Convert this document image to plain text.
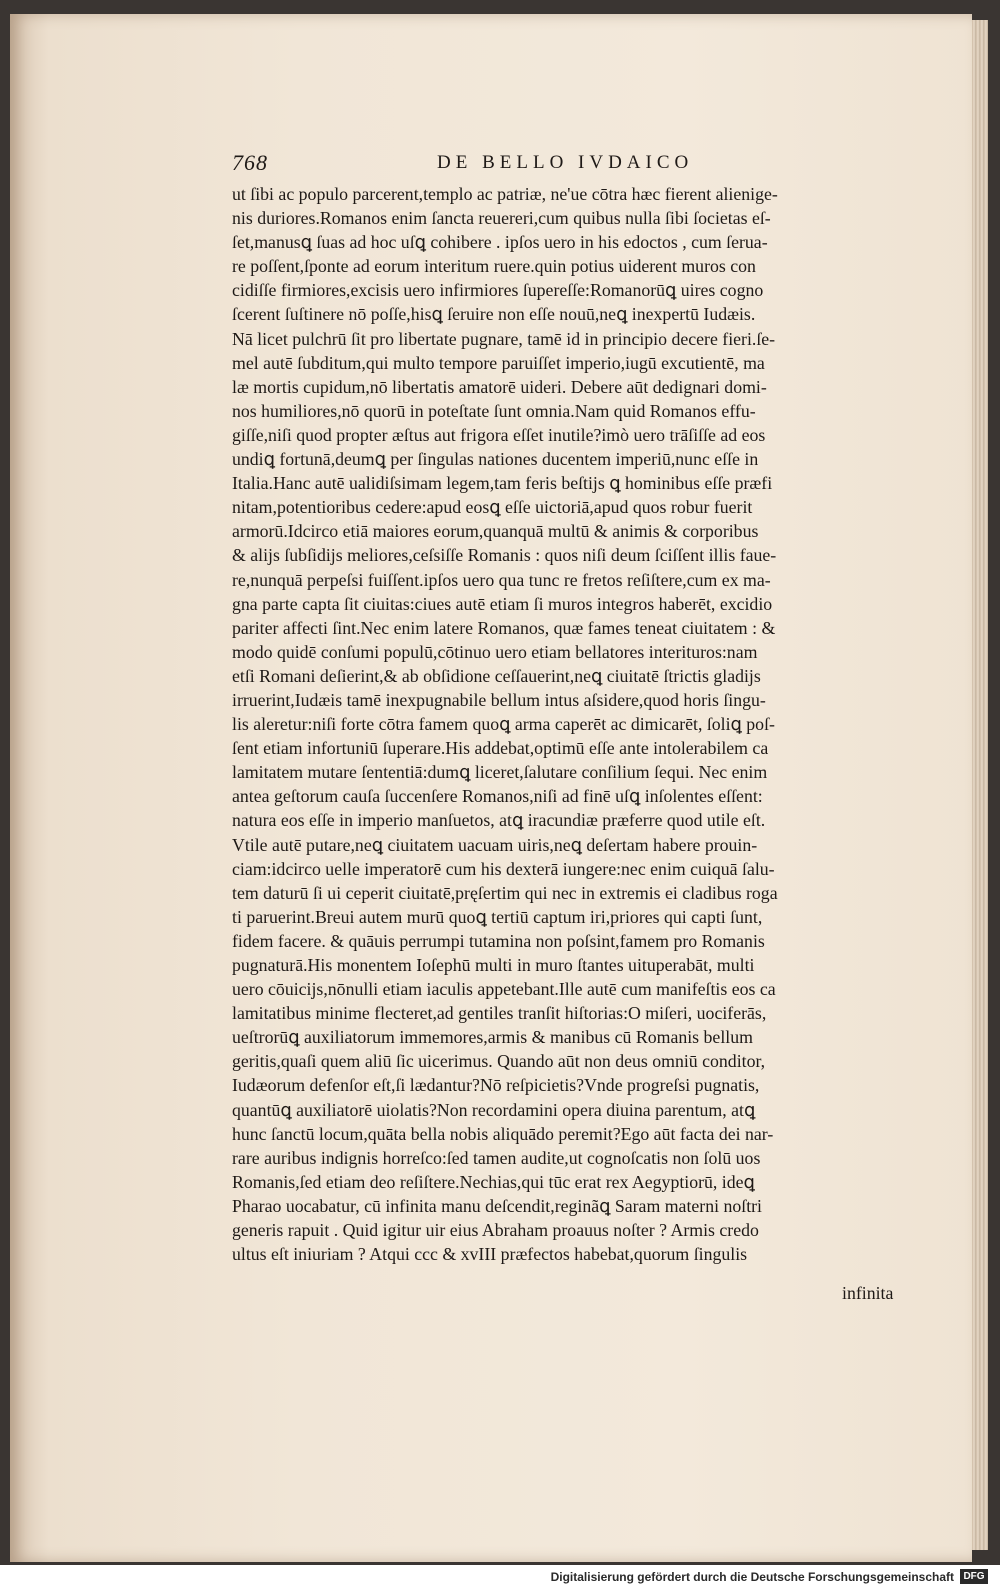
768	DE BELLO IVDAICO
ut ſibi ac populo parcerent,templo ac patriæ, ne'ue cōtra hæc fierent alienige-
nis duriores.Romanos enim ſancta reuereri,cum quibus nulla ſibi ſocietas eſ-
ſet,manusꝗ ſuas ad hoc uſꝗ cohibere . ipſos uero in his edoctos , cum ſerua-
re poſſent,ſponte ad eorum interitum ruere.quin potius uiderent muros con
cidiſſe firmiores,excisis uero infirmiores ſupereſſe:Romanorūꝗ uires cogno
ſcerent ſuſtinere nō poſſe,hisꝗ ſeruire non eſſe nouū,neꝗ inexpertū Iudæis.
Nā licet pulchrū ſit pro libertate pugnare, tamē id in principio decere fieri.ſe-
mel autē ſubditum,qui multo tempore paruiſſet imperio,iugū excutientē, ma
læ mortis cupidum,nō libertatis amatorē uideri. Debere aūt dedignari domi-
nos humiliores,nō quorū in poteſtate ſunt omnia.Nam quid Romanos effu-
giſſe,niſi quod propter æſtus aut frigora eſſet inutile?imò uero trāſiſſe ad eos
undiꝗ fortunā,deumꝗ per ſingulas nationes ducentem imperiū,nunc eſſe in
Italia.Hanc autē ualidiſsimam legem,tam feris beſtijs ꝗ hominibus eſſe præfi
nitam,potentioribus cedere:apud eosꝗ eſſe uictoriā,apud quos robur fuerit
armorū.Idcirco etiā maiores eorum,quanquā multū & animis & corporibus
& alijs ſubſidijs meliores,ceſsiſſe Romanis : quos niſi deum ſciſſent illis faue-
re,nunquā perpeſsi fuiſſent.ipſos uero qua tunc re fretos reſiſtere,cum ex ma-
gna parte capta ſit ciuitas:ciues autē etiam ſi muros integros haberēt, excidio
pariter affecti ſint.Nec enim latere Romanos, quæ fames teneat ciuitatem : &
modo quidē conſumi populū,cōtinuo uero etiam bellatores interituros:nam
etſi Romani deſierint,& ab obſidione ceſſauerint,neꝗ ciuitatē ſtrictis gladijs
irruerint,Iudæis tamē inexpugnabile bellum intus aſsidere,quod horis ſingu-
lis aleretur:niſi forte cōtra famem quoꝗ arma caperēt ac dimicarēt, ſoliꝗ poſ-
ſent etiam infortuniū ſuperare.His addebat,optimū eſſe ante intolerabilem ca
lamitatem mutare ſententiā:dumꝗ liceret,ſalutare conſilium ſequi. Nec enim
antea geſtorum cauſa ſuccenſere Romanos,niſi ad finē uſꝗ inſolentes eſſent:
natura eos eſſe in imperio manſuetos, atꝗ iracundiæ præferre quod utile eſt.
Vtile autē putare,neꝗ ciuitatem uacuam uiris,neꝗ deſertam habere prouin-
ciam:idcirco uelle imperatorē cum his dexterā iungere:nec enim cuiquā ſalu-
tem daturū ſi ui ceperit ciuitatē,pręſertim qui nec in extremis ei cladibus roga
ti paruerint.Breui autem murū quoꝗ tertiū captum iri,priores qui capti ſunt,
fidem facere. & quāuis perrumpi tutamina non poſsint,famem pro Romanis
pugnaturā.His monentem Ioſephū multi in muro ſtantes uituperabāt, multi
uero cōuicijs,nōnulli etiam iaculis appetebant.Ille autē cum manifeſtis eos ca
lamitatibus minime flecteret,ad gentiles tranſit hiſtorias:O miſeri, uociferās,
ueſtrorūꝗ auxiliatorum immemores,armis & manibus cū Romanis bellum
geritis,quaſi quem aliū ſic uicerimus. Quando aūt non deus omniū conditor,
Iudæorum defenſor eſt,ſi lædantur?Nō reſpicietis?Vnde progreſsi pugnatis,
quantūꝗ auxiliatorē uiolatis?Non recordamini opera diuina parentum, atꝗ
hunc ſanctū locum,quāta bella nobis aliquādo peremit?Ego aūt facta dei nar-
rare auribus indignis horreſco:ſed tamen audite,ut cognoſcatis non ſolū uos
Romanis,ſed etiam deo reſiſtere.Nechias,qui tūc erat rex Aegyptiorū, ideꝗ
Pharao uocabatur, cū infinita manu deſcendit,reginãꝗ Saram materni noſtri
generis rapuit . Quid igitur uir eius Abraham proauus noſter ? Armis credo
ultus eſt iniuriam ? Atqui ccc & xvIII præfectos habebat,quorum ſingulis
infinita
Digitalisierung gefördert durch die Deutsche Forschungsgemeinschaft DFG
